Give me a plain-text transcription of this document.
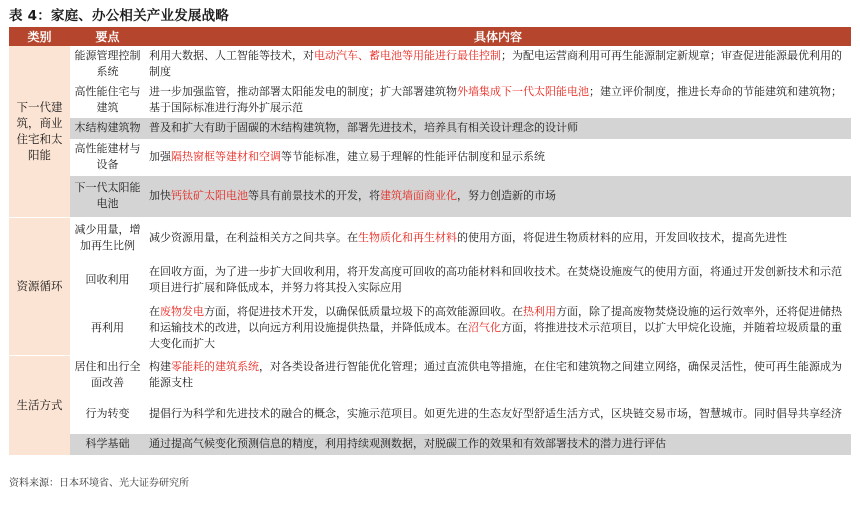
表 4：家庭、办公相关产业发展战略
类别	要点	具体内容
下一代建筑，商业住宅和太阳能	能源管理控制系统	利用大数据、人工智能等技术，对电动汽车、蓄电池等用能进行最佳控制；为配电运营商利用可再生能源制定新规章；审查促进能源最优利用的制度
	高性能住宅与建筑	进一步加强监管，推动部署太阳能发电的制度；扩大部署建筑物外墙集成下一代太阳能电池；建立评价制度，推进长寿命的节能建筑和建筑物；基于国际标准进行海外扩展示范
	木结构建筑物	普及和扩大有助于固碳的木结构建筑物，部署先进技术，培养具有相关设计理念的设计师
	高性能建材与设备	加强隔热窗框等建材和空调等节能标准，建立易于理解的性能评估制度和显示系统
	下一代太阳能电池	加快钙钛矿太阳电池等具有前景技术的开发，将建筑墙面商业化，努力创造新的市场
资源循环	减少用量，增加再生比例	减少资源用量，在利益相关方之间共享。在生物质化和再生材料的使用方面，将促进生物质材料的应用，开发回收技术，提高先进性
	回收利用	在回收方面，为了进一步扩大回收利用，将开发高度可回收的高功能材料和回收技术。在焚烧设施废气的使用方面，将通过开发创新技术和示范项目进行扩展和降低成本，并努力将其投入实际应用
	再利用	在废物发电方面，将促进技术开发，以确保低质量垃圾下的高效能源回收。在热利用方面，除了提高废物焚烧设施的运行效率外，还将促进储热和运输技术的改进，以向远方利用设施提供热量，并降低成本。在沼气化方面，将推进技术示范项目，以扩大甲烷化设施，并随着垃圾质量的重大变化而扩大
生活方式	居住和出行全面改善	构建零能耗的建筑系统，对各类设备进行智能优化管理；通过直流供电等措施，在住宅和建筑物之间建立网络，确保灵活性，使可再生能源成为能源支柱
	行为转变	提倡行为科学和先进技术的融合的概念，实施示范项目。如更先进的生态友好型舒适生活方式，区块链交易市场，智慧城市。同时倡导共享经济
	科学基础	通过提高气候变化预测信息的精度，利用持续观测数据，对脱碳工作的效果和有效部署技术的潜力进行评估
资料来源：日本环境省、光大证券研究所
